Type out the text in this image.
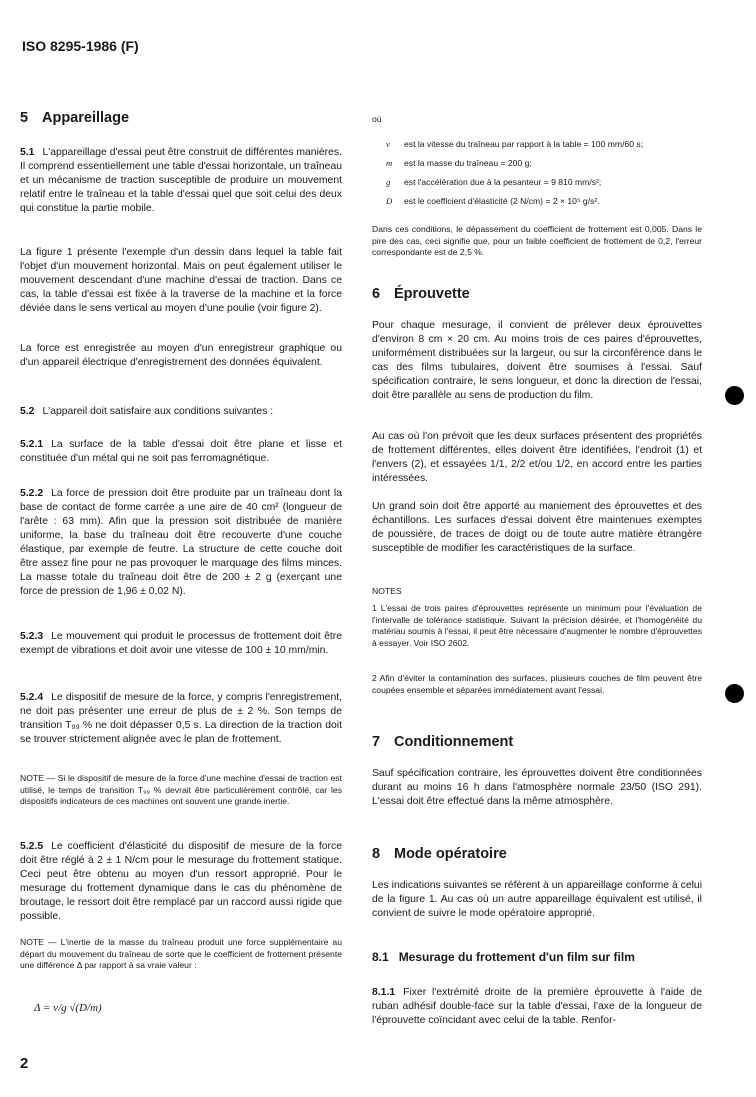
ISO 8295-1986 (F)
5 Appareillage

5.1 L'appareillage d'essai peut être construit de différentes manières. Il comprend essentiellement une table d'essai horizontale, un traîneau et un mécanisme de traction susceptible de produire un mouvement relatif entre le traîneau et la table d'essai quel que soit celui des deux qui constitue la partie mobile.

La figure 1 présente l'exemple d'un dessin dans lequel la table fait l'objet d'un mouvement horizontal. Mais on peut également utiliser le mouvement descendant d'une machine d'essai de traction. Dans ce cas, la table d'essai est fixée à la traverse de la machine et la force déviée dans le sens vertical au moyen d'une poulie (voir figure 2).

La force est enregistrée au moyen d'un enregistreur graphique ou d'un appareil électrique d'enregistrement des données équivalent.

5.2 L'appareil doit satisfaire aux conditions suivantes :

5.2.1 La surface de la table d'essai doit être plane et lisse et constituée d'un métal qui ne soit pas ferromagnétique.

5.2.2 La force de pression doit être produite par un traîneau dont la base de contact de forme carrée a une aire de 40 cm² (longueur de l'arête : 63 mm). Afin que la pression soit distribuée de manière uniforme, la base du traîneau doit être recouverte d'une couche élastique, par exemple de feutre. La structure de cette couche doit être assez fine pour ne pas provoquer le marquage des films minces. La masse totale du traîneau doit être de 200 ± 2 g (exerçant une force de pression de 1,96 ± 0,02 N).

5.2.3 Le mouvement qui produit le processus de frottement doit être exempt de vibrations et doit avoir une vitesse de 100 ± 10 mm/min.

5.2.4 Le dispositif de mesure de la force, y compris l'enregistrement, ne doit pas présenter une erreur de plus de ± 2 %. Son temps de transition T₉₉ % ne doit dépasser 0,5 s. La direction de la traction doit se trouver strictement alignée avec le plan de frottement.

NOTE — Si le dispositif de mesure de la force d'une machine d'essai de traction est utilisé, le temps de transition T₉₉ % devrait être particulièrement contrôlé, car les dispositifs indicateurs de ces machines ont souvent une grande inertie.

5.2.5 Le coefficient d'élasticité du dispositif de mesure de la force doit être réglé à 2 ± 1 N/cm pour le mesurage du frottement statique. Ceci peut être obtenu au moyen d'un ressort approprié. Pour le mesurage du frottement dynamique dans le cas du phénomène de broutage, le ressort doit être remplacé par un raccord aussi rigide que possible.

NOTE — L'inertie de la masse du traîneau produit une force supplémentaire au départ du mouvement du traîneau de sorte que le coefficient de frottement présente une différence Δ par rapport à sa vraie valeur :
Δ = v/g √(D/m)
où
v est la vitesse du traîneau par rapport à la table = 100 mm/60 s;
m est la masse du traîneau = 200 g;
g est l'accélération due à la pesanteur = 9 810 mm/s²;
D est le coefficient d'élasticité (2 N/cm) = 2 × 10⁵ g/s².
Dans ces conditions, le dépassement du coefficient de frottement est 0,005. Dans le pire des cas, ceci signifie que, pour un faible coefficient de frottement de 0,2, l'erreur correspondante est de 2,5 %.
6 Éprouvette

Pour chaque mesurage, il convient de prélever deux éprouvettes d'environ 8 cm × 20 cm. Au moins trois de ces paires d'éprouvettes, uniformément distribuées sur la largeur, ou sur la circonférence dans le cas des films tubulaires, doivent être soumises à l'essai. Sauf spécification contraire, le sens longueur, et donc la direction de l'essai, doit être parallèle au sens de production du film.

Au cas où l'on prévoit que les deux surfaces présentent des propriétés de frottement différentes, elles doivent être identifiées, l'endroit (1) et l'envers (2), et essayées 1/1, 2/2 et/ou 1/2, en accord entre les parties intéressées.

Un grand soin doit être apporté au maniement des éprouvettes et des échantillons. Les surfaces d'essai doivent être maintenues exemptes de poussière, de traces de doigt ou de toute autre matière étrangère susceptible de modifier les caractéristiques de la surface.

NOTES
1 L'essai de trois paires d'éprouvettes représente un minimum pour l'évaluation de l'intervalle de tolérance statistique. Suivant la précision désirée, et l'homogénéité du matériau soumis à l'essai, il peut être nécessaire d'augmenter le nombre d'éprouvettes à essayer. Voir ISO 2602.
2 Afin d'éviter la contamination des surfaces, plusieurs couches de film peuvent être coupées ensemble et séparées immédiatement avant l'essai.
7 Conditionnement

Sauf spécification contraire, les éprouvettes doivent être conditionnées durant au moins 16 h dans l'atmosphère normale 23/50 (ISO 291). L'essai doit être effectué dans la même atmosphère.

8 Mode opératoire

Les indications suivantes se réfèrent à un appareillage conforme à celui de la figure 1. Au cas où un autre appareillage équivalent est utilisé, il convient de suivre le mode opératoire approprié.

8.1 Mesurage du frottement d'un film sur film

8.1.1 Fixer l'extrémité droite de la première éprouvette à l'aide de ruban adhésif double-face sur la table d'essai, l'axe de la longueur de l'éprouvette coïncidant avec celui de la table. Renfor-

2
